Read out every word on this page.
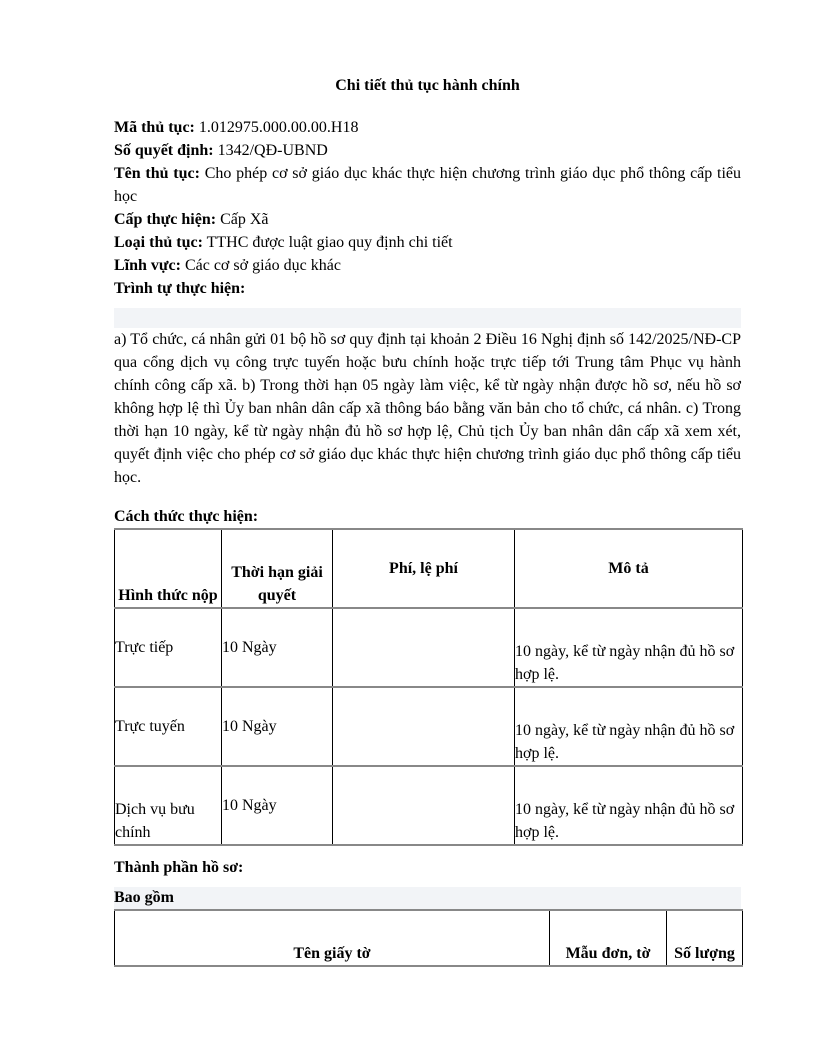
Chi tiết thủ tục hành chính
Mã thủ tục: 1.012975.000.00.00.H18
Số quyết định: 1342/QĐ-UBND
Tên thủ tục: Cho phép cơ sở giáo dục khác thực hiện chương trình giáo dục phổ thông cấp tiểu học
Cấp thực hiện: Cấp Xã
Loại thủ tục: TTHC được luật giao quy định chi tiết
Lĩnh vực: Các cơ sở giáo dục khác
Trình tự thực hiện:
a) Tổ chức, cá nhân gửi 01 bộ hồ sơ quy định tại khoản 2 Điều 16 Nghị định số 142/2025/NĐ-CP qua cổng dịch vụ công trực tuyến hoặc bưu chính hoặc trực tiếp tới Trung tâm Phục vụ hành chính công cấp xã. b) Trong thời hạn 05 ngày làm việc, kể từ ngày nhận được hồ sơ, nếu hồ sơ không hợp lệ thì Ủy ban nhân dân cấp xã thông báo bằng văn bản cho tổ chức, cá nhân. c) Trong thời hạn 10 ngày, kể từ ngày nhận đủ hồ sơ hợp lệ, Chủ tịch Ủy ban nhân dân cấp xã xem xét, quyết định việc cho phép cơ sở giáo dục khác thực hiện chương trình giáo dục phổ thông cấp tiểu học.
Cách thức thực hiện:
Hình thức nộp	Thời hạn giải quyết	Phí, lệ phí	Mô tả
Trực tiếp	10 Ngày		10 ngày, kể từ ngày nhận đủ hồ sơ hợp lệ.
Trực tuyến	10 Ngày		10 ngày, kể từ ngày nhận đủ hồ sơ hợp lệ.
Dịch vụ bưu chính	10 Ngày		10 ngày, kể từ ngày nhận đủ hồ sơ hợp lệ.
Thành phần hồ sơ:
Bao gồm
Tên giấy tờ	Mẫu đơn, tờ	Số lượng
